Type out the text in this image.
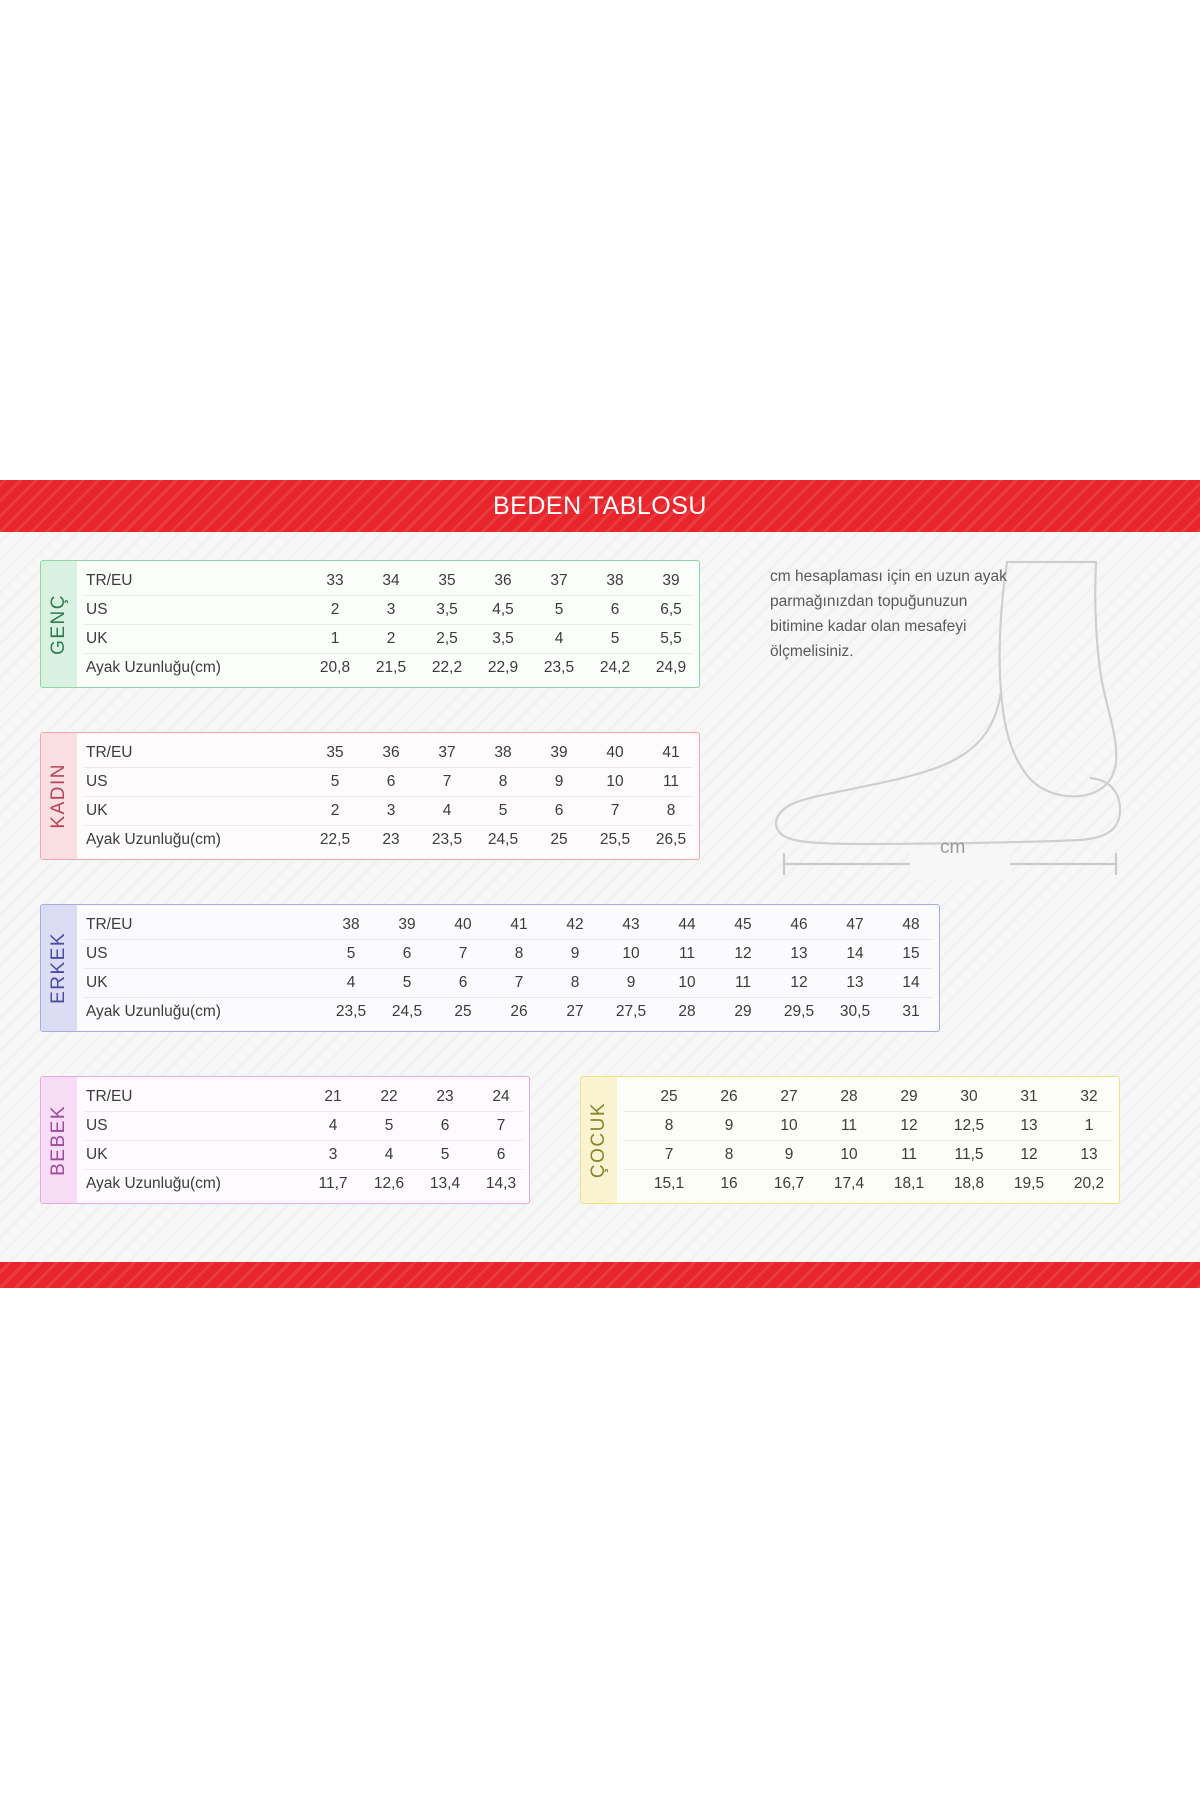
BEDEN TABLOSU
GENÇ
TR/EU	33	34	35	36	37	38	39
US	2	3	3,5	4,5	5	6	6,5
UK	1	2	2,5	3,5	4	5	5,5
Ayak Uzunluğu(cm)	20,8	21,5	22,2	22,9	23,5	24,2	24,9
KADIN
TR/EU	35	36	37	38	39	40	41
US	5	6	7	8	9	10	11
UK	2	3	4	5	6	7	8
Ayak Uzunluğu(cm)	22,5	23	23,5	24,5	25	25,5	26,5
ERKEK
TR/EU	38	39	40	41	42	43	44	45	46	47	48
US	5	6	7	8	9	10	11	12	13	14	15
UK	4	5	6	7	8	9	10	11	12	13	14
Ayak Uzunluğu(cm)	23,5	24,5	25	26	27	27,5	28	29	29,5	30,5	31
BEBEK
TR/EU	21	22	23	24
US	4	5	6	7
UK	3	4	5	6
Ayak Uzunluğu(cm)	11,7	12,6	13,4	14,3
ÇOCUK
25	26	27	28	29	30	31	32
8	9	10	11	12	12,5	13	1
7	8	9	10	11	11,5	12	13
15,1	16	16,7	17,4	18,1	18,8	19,5	20,2
cm
cm hesaplaması için en uzun ayak parmağınızdan topuğunuzun bitimine kadar olan mesafeyi ölçmelisiniz.
